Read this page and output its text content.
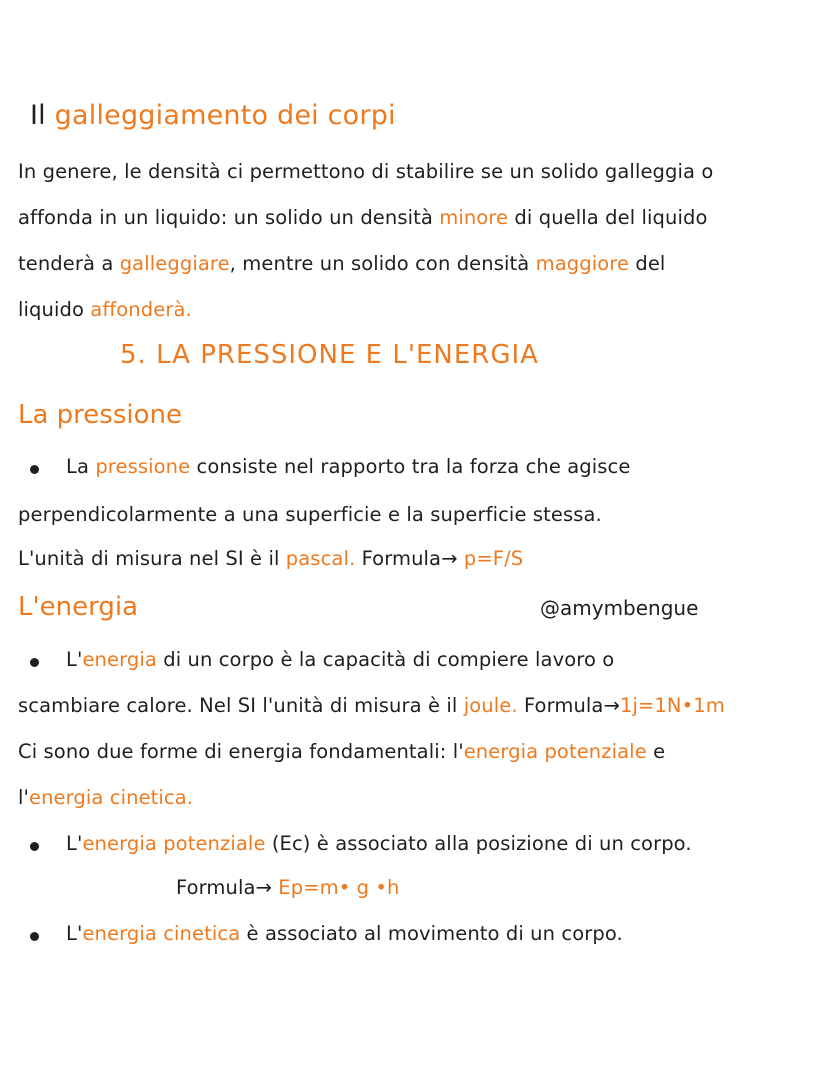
Il galleggiamento dei corpi
In genere, le densità ci permettono di stabilire se un solido galleggia o
affonda in un liquido: un solido un densità minore di quella del liquido
tenderà a galleggiare, mentre un solido con densità maggiore del
liquido affonderà.
5. LA PRESSIONE E L'ENERGIA
La pressione
La pressione consiste nel rapporto tra la forza che agisce
perpendicolarmente a una superficie e la superficie stessa.
L'unità di misura nel SI è il pascal. Formula→ p=F/S
L'energia	@amymbengue
L'energia di un corpo è la capacità di compiere lavoro o
scambiare calore. Nel SI l'unità di misura è il joule. Formula→1j=1N•1m
Ci sono due forme di energia fondamentali: l'energia potenziale e
l'energia cinetica.
L'energia potenziale (Ec) è associato alla posizione di un corpo.
Formula→ Ep=m• g •h
L'energia cinetica è associato al movimento di un corpo.
